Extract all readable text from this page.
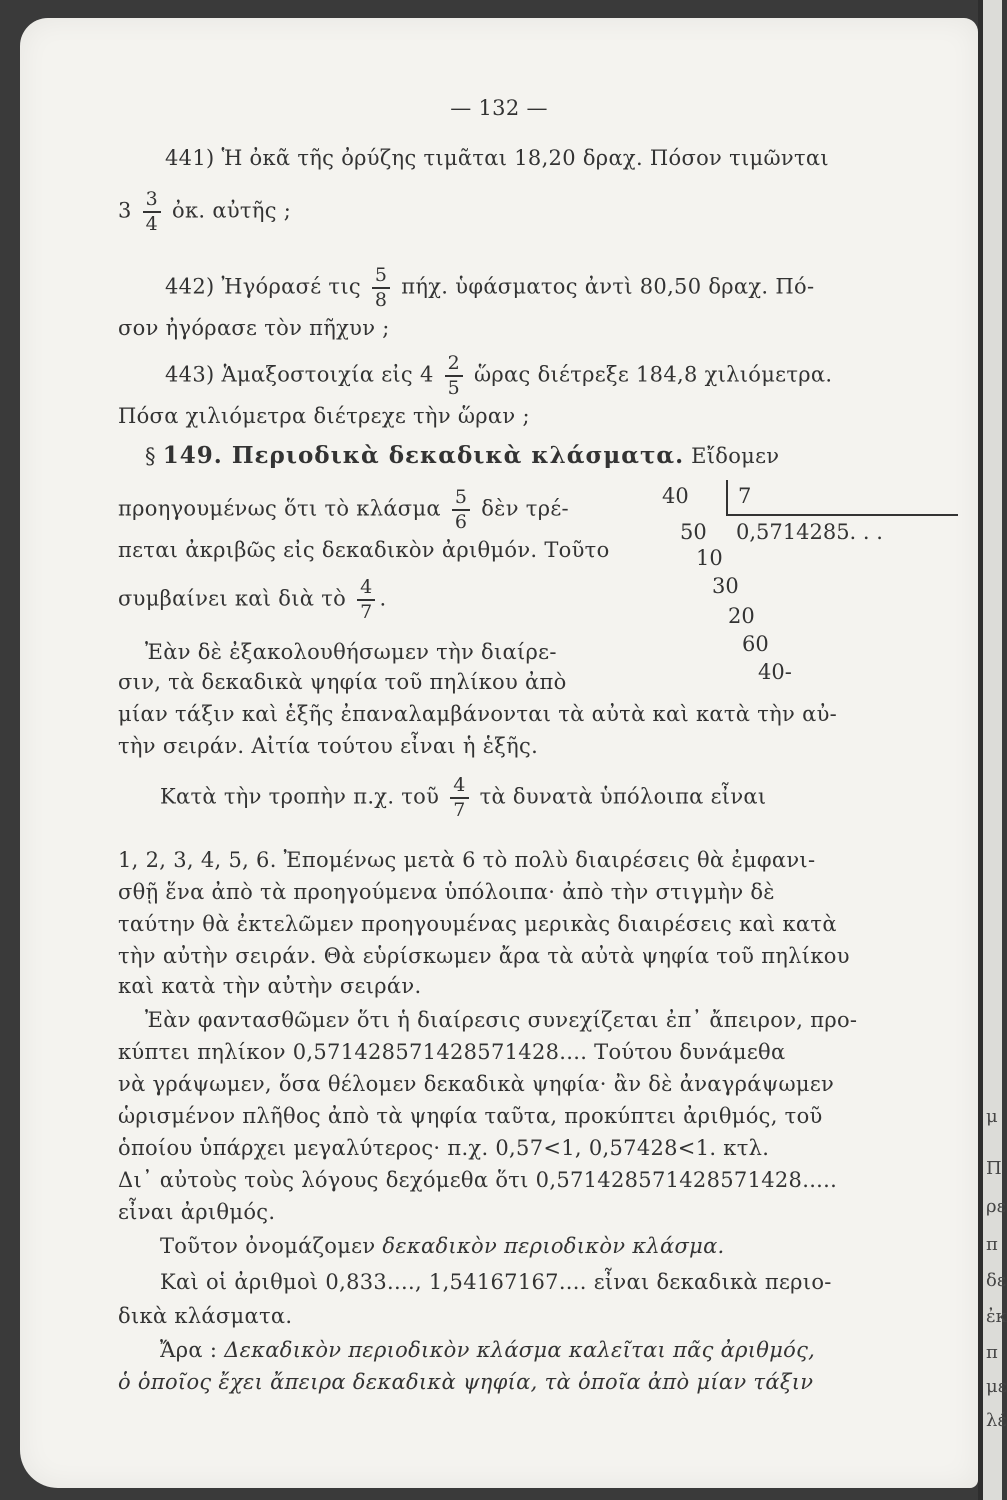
— 132 —
441) Ἡ ὀκᾶ τῆς ὀρύζης τιμᾶται 18,20 δραχ. Πόσον τιμῶνται
$3 \frac{3}{4}$ ὀκ. αὐτῆς ;
442) Ἠγόρασέ τις $\frac{5}{8} \pi ή\chi$. ὑφάσματος ἀντὶ 80,50 δραχ. Πό-
σον ἠγόρασε τὸν πῆχυν ;
443) Ἁμαξοστοιχία εἰς $4 \frac{2}{5}$ ὥρας διέτρεξε 184,8 χιλιόμετρα.
Πόσα χιλιόμετρα διέτρεχε τὴν ὥραν ;
§ 149. Περιοδικὰ δεκαδικὰ κλάσματα. Εἴδομεν
προηγουμένως ὅτι τὸ κλάσμα $\frac{5}{6}$ δὲν τρέ-
πεται ἀκριβῶς εἰς δεκαδικὸν ἀριθμόν. Τοῦτο
συμβαίνει καὶ διὰ τὸ $\frac{4}{7}$ .
40 7
0,5714285. . .
50
10
30
20
60
40-
Ἐὰν δὲ ἐξακολουθήσωμεν τὴν διαίρε-
σιν, τὰ δεκαδικὰ ψηφία τοῦ πηλίκου ἀπὸ
μίαν τάξιν καὶ ἑξῆς ἐπαναλαμβάνονται τὰ αὐτὰ καὶ κατὰ τὴν αὐ-
τὴν σειράν. Αἰτία τούτου εἶναι ἡ ἑξῆς.
Κατὰ τὴν τροπὴν π.χ. τοῦ $\frac{4}{7}$ τὰ δυνατὰ ὑπόλοιπα εἶναι
1, 2, 3, 4, 5, 6. Ἐπομένως μετὰ 6 τὸ πολὺ διαιρέσεις θὰ ἐμφανι-
σθῇ ἕνα ἀπὸ τὰ προηγούμενα ὑπόλοιπα· ἀπὸ τὴν στιγμὴν δὲ
ταύτην θὰ ἐκτελῶμεν προηγουμένας μερικὰς διαιρέσεις καὶ κατὰ
τὴν αὐτὴν σειράν. Θὰ εὑρίσκωμεν ἄρα τὰ αὐτὰ ψηφία τοῦ πηλίκου
καὶ κατὰ τὴν αὐτὴν σειράν.
Ἐὰν φαντασθῶμεν ὅτι ἡ διαίρεσις συνεχίζεται ἐπ᾽ ἄπειρον, προ-
κύπτει πηλίκον 0,571428571428571428.... Τούτου δυνάμεθα
νὰ γράψωμεν, ὅσα θέλομεν δεκαδικὰ ψηφία· ἂν δὲ ἀναγράψωμεν
ὡρισμένον πλῆθος ἀπὸ τὰ ψηφία ταῦτα, προκύπτει ἀριθμός, τοῦ
ὁποίου ὑπάρχει μεγαλύτερος· π.χ. 0,57<1, 0,57428<1. κτλ.
Δι᾽ αὐτοὺς τοὺς λόγους δεχόμεθα ὅτι 0,571428571428571428.....
εἶναι ἀριθμός.
Τοῦτον ὀνομάζομεν δεκαδικὸν περιοδικὸν κλάσμα.
Καὶ οἱ ἀριθμοὶ 0,833...., 1,54167167.... εἶναι δεκαδικὰ περιο-
δικὰ κλάσματα.
Ἄρα : Δεκαδικὸν περιοδικὸν κλάσμα καλεῖται πᾶς ἀριθμός,
ὁ ὁποῖος ἔχει ἄπειρα δεκαδικὰ ψηφία, τὰ ὁποῖα ἀπὸ μίαν τάξιν
μ
Π
ρε
π
δε
ἐκ
π
με
λέ
